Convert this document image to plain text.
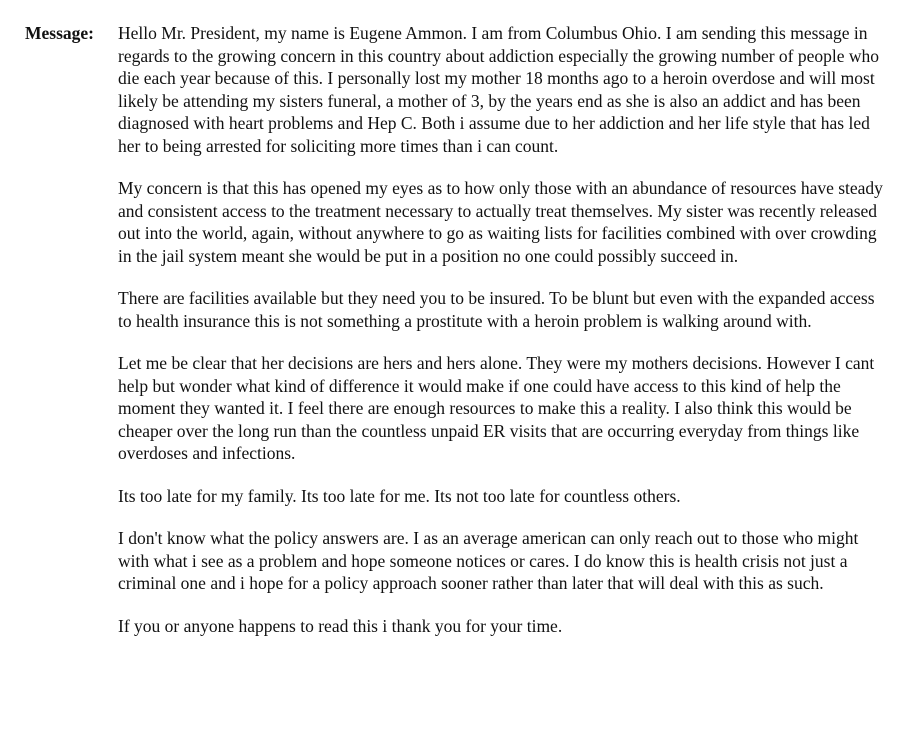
Message: Hello Mr. President, my name is Eugene Ammon. I am from Columbus Ohio. I am sending this message in regards to the growing concern in this country about addiction especially the growing number of people who die each year because of this. I personally lost my mother 18 months ago to a heroin overdose and will most likely be attending my sisters funeral, a mother of 3, by the years end as she is also an addict and has been diagnosed with heart problems and Hep C. Both i assume due to her addiction and her life style that has led her to being arrested for soliciting more times than i can count.

My concern is that this has opened my eyes as to how only those with an abundance of resources have steady and consistent access to the treatment necessary to actually treat themselves. My sister was recently released out into the world, again, without anywhere to go as waiting lists for facilities combined with over crowding in the jail system meant she would be put in a position no one could possibly succeed in.

There are facilities available but they need you to be insured. To be blunt but even with the expanded access to health insurance this is not something a prostitute with a heroin problem is walking around with.

Let me be clear that her decisions are hers and hers alone. They were my mothers decisions. However I cant help but wonder what kind of difference it would make if one could have access to this kind of help the moment they wanted it. I feel there are enough resources to make this a reality. I also think this would be cheaper over the long run than the countless unpaid ER visits that are occurring everyday from things like overdoses and infections.

Its too late for my family. Its too late for me. Its not too late for countless others.

I don't know what the policy answers are. I as an average american can only reach out to those who might with what i see as a problem and hope someone notices or cares. I do know this is health crisis not just a criminal one and i hope for a policy approach sooner rather than later that will deal with this as such.

If you or anyone happens to read this i thank you for your time.
